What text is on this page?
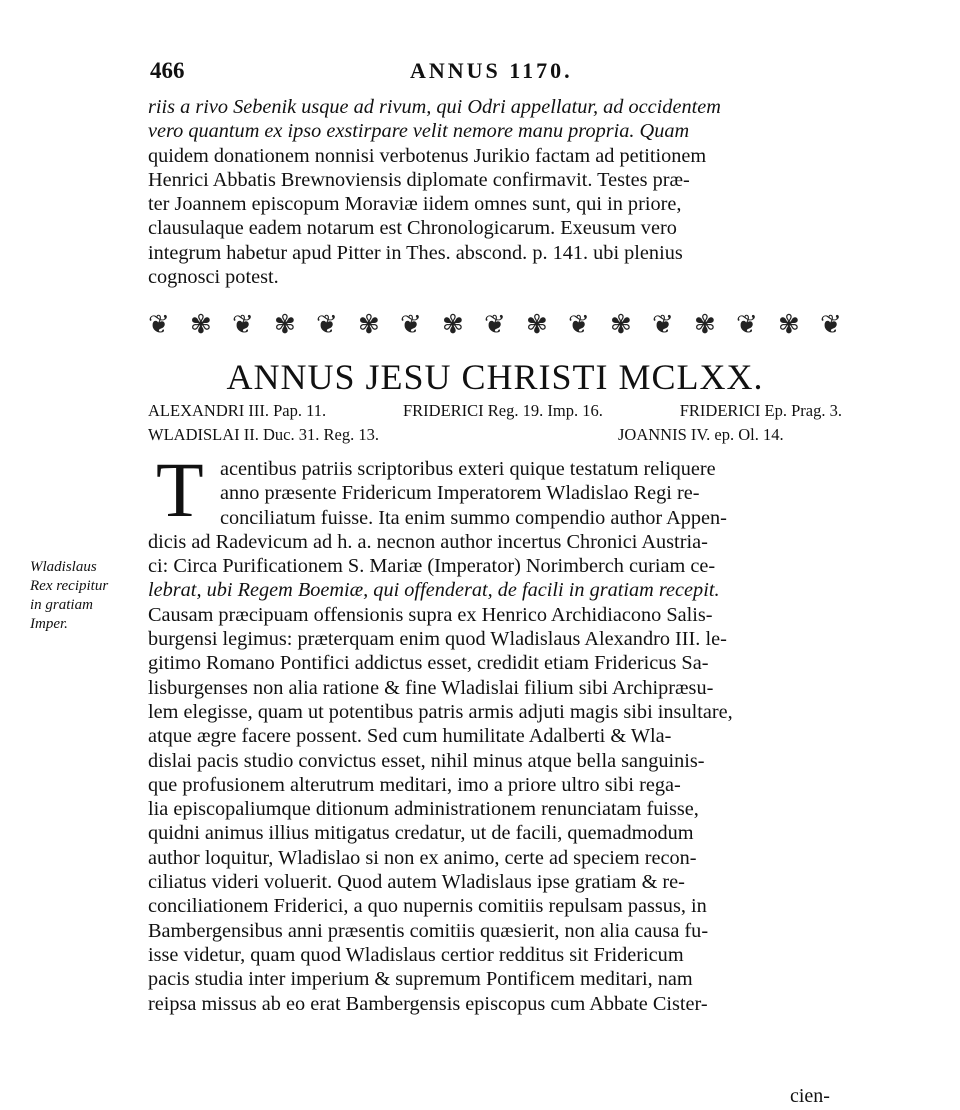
466	ANNUS 1170.
riis a rivo Sebenik usque ad rivum, qui Odri appellatur, ad occidentem
vero quantum ex ipso exstirpare velit nemore manu propria. Quam
quidem donationem nonnisi verbotenus Jurikio factam ad petitionem
Henrici Abbatis Brewnoviensis diplomate confirmavit. Testes præ-
ter Joannem episcopum Moraviæ iidem omnes sunt, qui in priore,
clausulaque eadem notarum est Chronologicarum. Exeusum vero
integrum habetur apud Pitter in Thes. abscond. p. 141. ubi plenius
cognosci potest.
❦ ✾ ❦ ✾ ❦ ✾ ❦ ✾ ❦ ✾ ❦ ✾ ❦ ✾ ❦ ✾ ❦
ANNUS JESU CHRISTI MCLXX.
ALEXANDRI III. Pap. 11.	FRIDERICI Reg. 19. Imp. 16.	FRIDERICI Ep. Prag. 3.
WLADISLAI II. Duc. 31. Reg. 13.	JOANNIS IV. ep. Ol. 14.
T acentibus patriis scriptoribus exteri quique testatum reliquere
anno præsente Fridericum Imperatorem Wladislao Regi re-
conciliatum fuisse. Ita enim summo compendio author Appen-
dicis ad Radevicum ad h. a. necnon author incertus Chronici Austria-
ci: Circa Purificationem S. Mariæ (Imperator) Norimberch curiam ce-
lebrat, ubi Regem Boemiæ, qui offenderat, de facili in gratiam recepit.
Causam præcipuam offensionis supra ex Henrico Archidiacono Salis-
burgensi legimus: præterquam enim quod Wladislaus Alexandro III. le-
gitimo Romano Pontifici addictus esset, credidit etiam Fridericus Sa-
lisburgenses non alia ratione & fine Wladislai filium sibi Archipræsu-
lem elegisse, quam ut potentibus patris armis adjuti magis sibi insultare,
atque ægre facere possent. Sed cum humilitate Adalberti & Wla-
dislai pacis studio convictus esset, nihil minus atque bella sanguinis-
que profusionem alterutrum meditari, imo a priore ultro sibi rega-
lia episcopaliumque ditionum administrationem renunciatam fuisse,
quidni animus illius mitigatus credatur, ut de facili, quemadmodum
author loquitur, Wladislao si non ex animo, certe ad speciem recon-
ciliatus videri voluerit. Quod autem Wladislaus ipse gratiam & re-
conciliationem Friderici, a quo nupernis comitiis repulsam passus, in
Bambergensibus anni præsentis comitiis quæsierit, non alia causa fu-
isse videtur, quam quod Wladislaus certior redditus sit Fridericum
pacis studia inter imperium & supremum Pontificem meditari, nam
reipsa missus ab eo erat Bambergensis episcopus cum Abbate Cister-
Wladislaus
Rex recipitur
in gratiam
Imper.
cien-
